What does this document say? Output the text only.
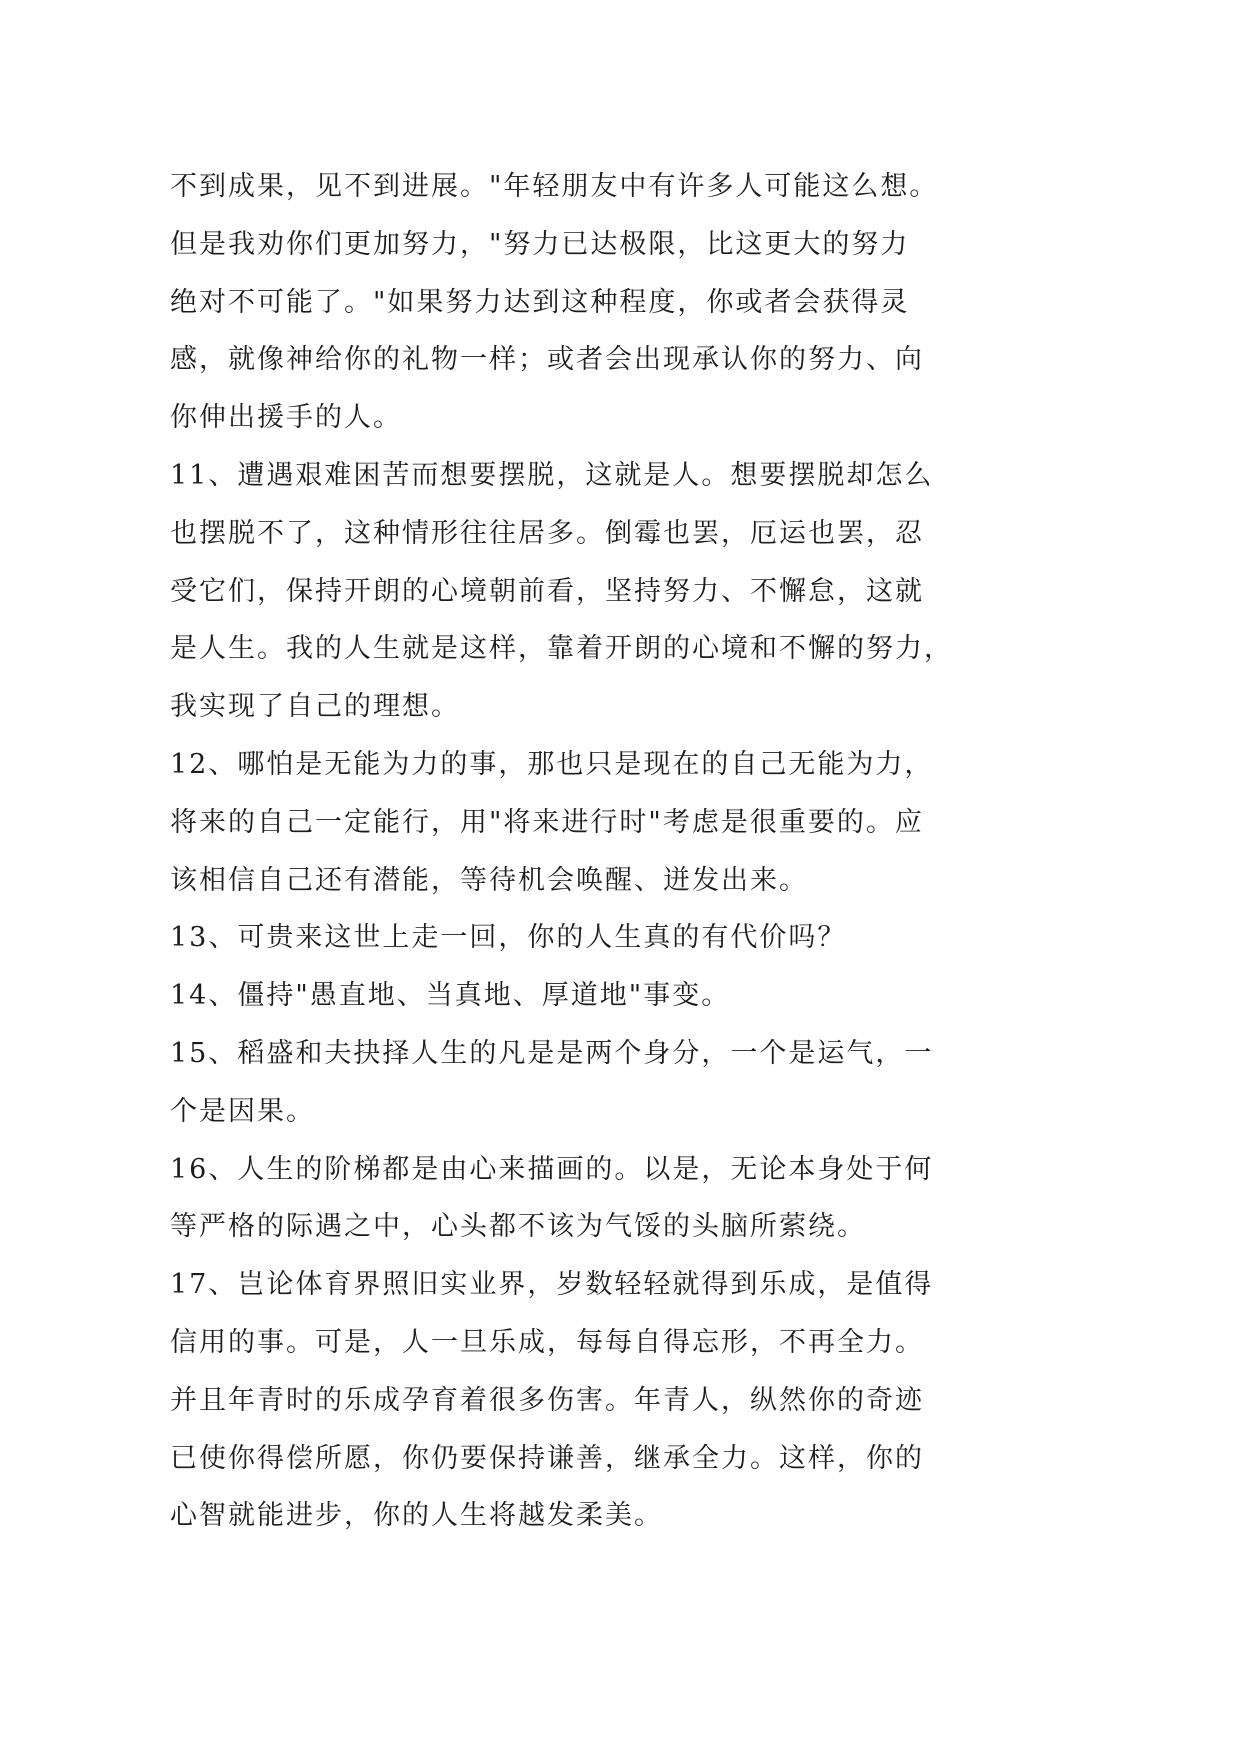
不到成果，见不到进展。"年轻朋友中有许多人可能这么想。
但是我劝你们更加努力，"努力已达极限，比这更大的努力
绝对不可能了。"如果努力达到这种程度，你或者会获得灵
感，就像神给你的礼物一样；或者会出现承认你的努力、向
你伸出援手的人。
11、遭遇艰难困苦而想要摆脱，这就是人。想要摆脱却怎么
也摆脱不了，这种情形往往居多。倒霉也罢，厄运也罢，忍
受它们，保持开朗的心境朝前看，坚持努力、不懈怠，这就
是人生。我的人生就是这样，靠着开朗的心境和不懈的努力，
我实现了自己的理想。
12、哪怕是无能为力的事，那也只是现在的自己无能为力，
将来的自己一定能行，用"将来进行时"考虑是很重要的。应
该相信自己还有潜能，等待机会唤醒、迸发出来。
13、可贵来这世上走一回，你的人生真的有代价吗？
14、僵持"愚直地、当真地、厚道地"事变。
15、稻盛和夫抉择人生的凡是是两个身分，一个是运气，一
个是因果。
16、人生的阶梯都是由心来描画的。以是，无论本身处于何
等严格的际遇之中，心头都不该为气馁的头脑所萦绕。
17、岂论体育界照旧实业界，岁数轻轻就得到乐成，是值得
信用的事。可是，人一旦乐成，每每自得忘形，不再全力。
并且年青时的乐成孕育着很多伤害。年青人，纵然你的奇迹
已使你得偿所愿，你仍要保持谦善，继承全力。这样，你的
心智就能进步，你的人生将越发柔美。
